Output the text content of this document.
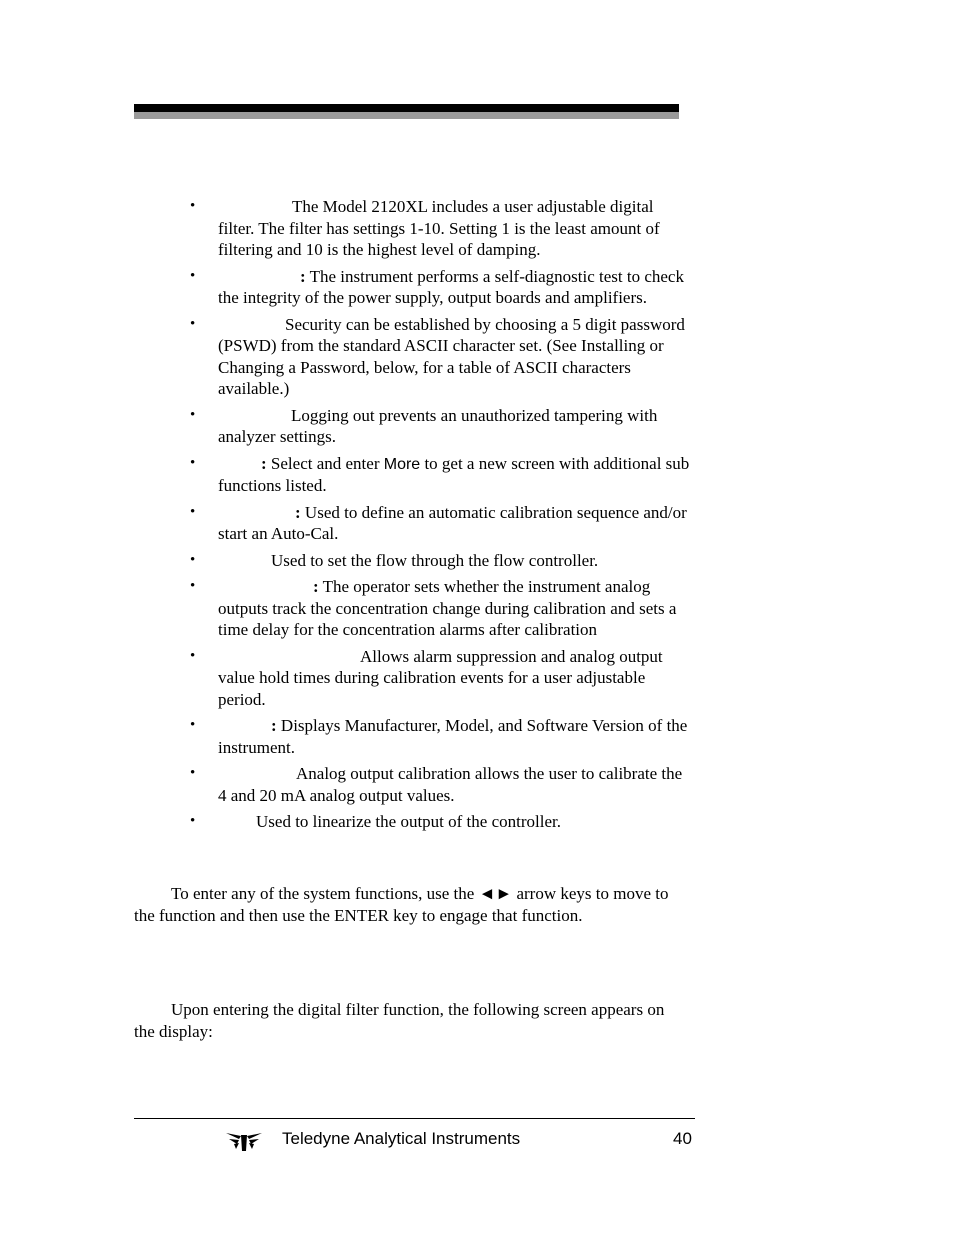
•	The Model 2120XL includes a user adjustable digital filter. The filter has settings 1-10. Setting 1 is the least amount of filtering and 10 is the highest level of damping.
•	: The instrument performs a self-diagnostic test to check the integrity of the power supply, output boards and amplifiers.
•	Security can be established by choosing a 5 digit password (PSWD) from the standard ASCII character set. (See Installing or Changing a Password, below, for a table of ASCII characters available.)
•	Logging out prevents an unauthorized tampering with analyzer settings.
•	: Select and enter More to get a new screen with additional sub functions listed.
•	: Used to define an automatic calibration sequence and/or start an Auto-Cal.
•	Used to set the flow through the flow controller.
•	: The operator sets whether the instrument analog outputs track the concentration change during calibration and sets a time delay for the concentration alarms after calibration
•	Allows alarm suppression and analog output value hold times during calibration events for a user adjustable period.
•	: Displays Manufacturer, Model, and Software Version of the instrument.
•	Analog output calibration allows the user to calibrate the 4 and 20 mA analog output values.
•	Used to linearize the output of the controller.

To enter any of the system functions, use the ◄► arrow keys to move to the function and then use the ENTER key to engage that function.

Upon entering the digital filter function, the following screen appears on the display:

Teledyne Analytical Instruments	40
